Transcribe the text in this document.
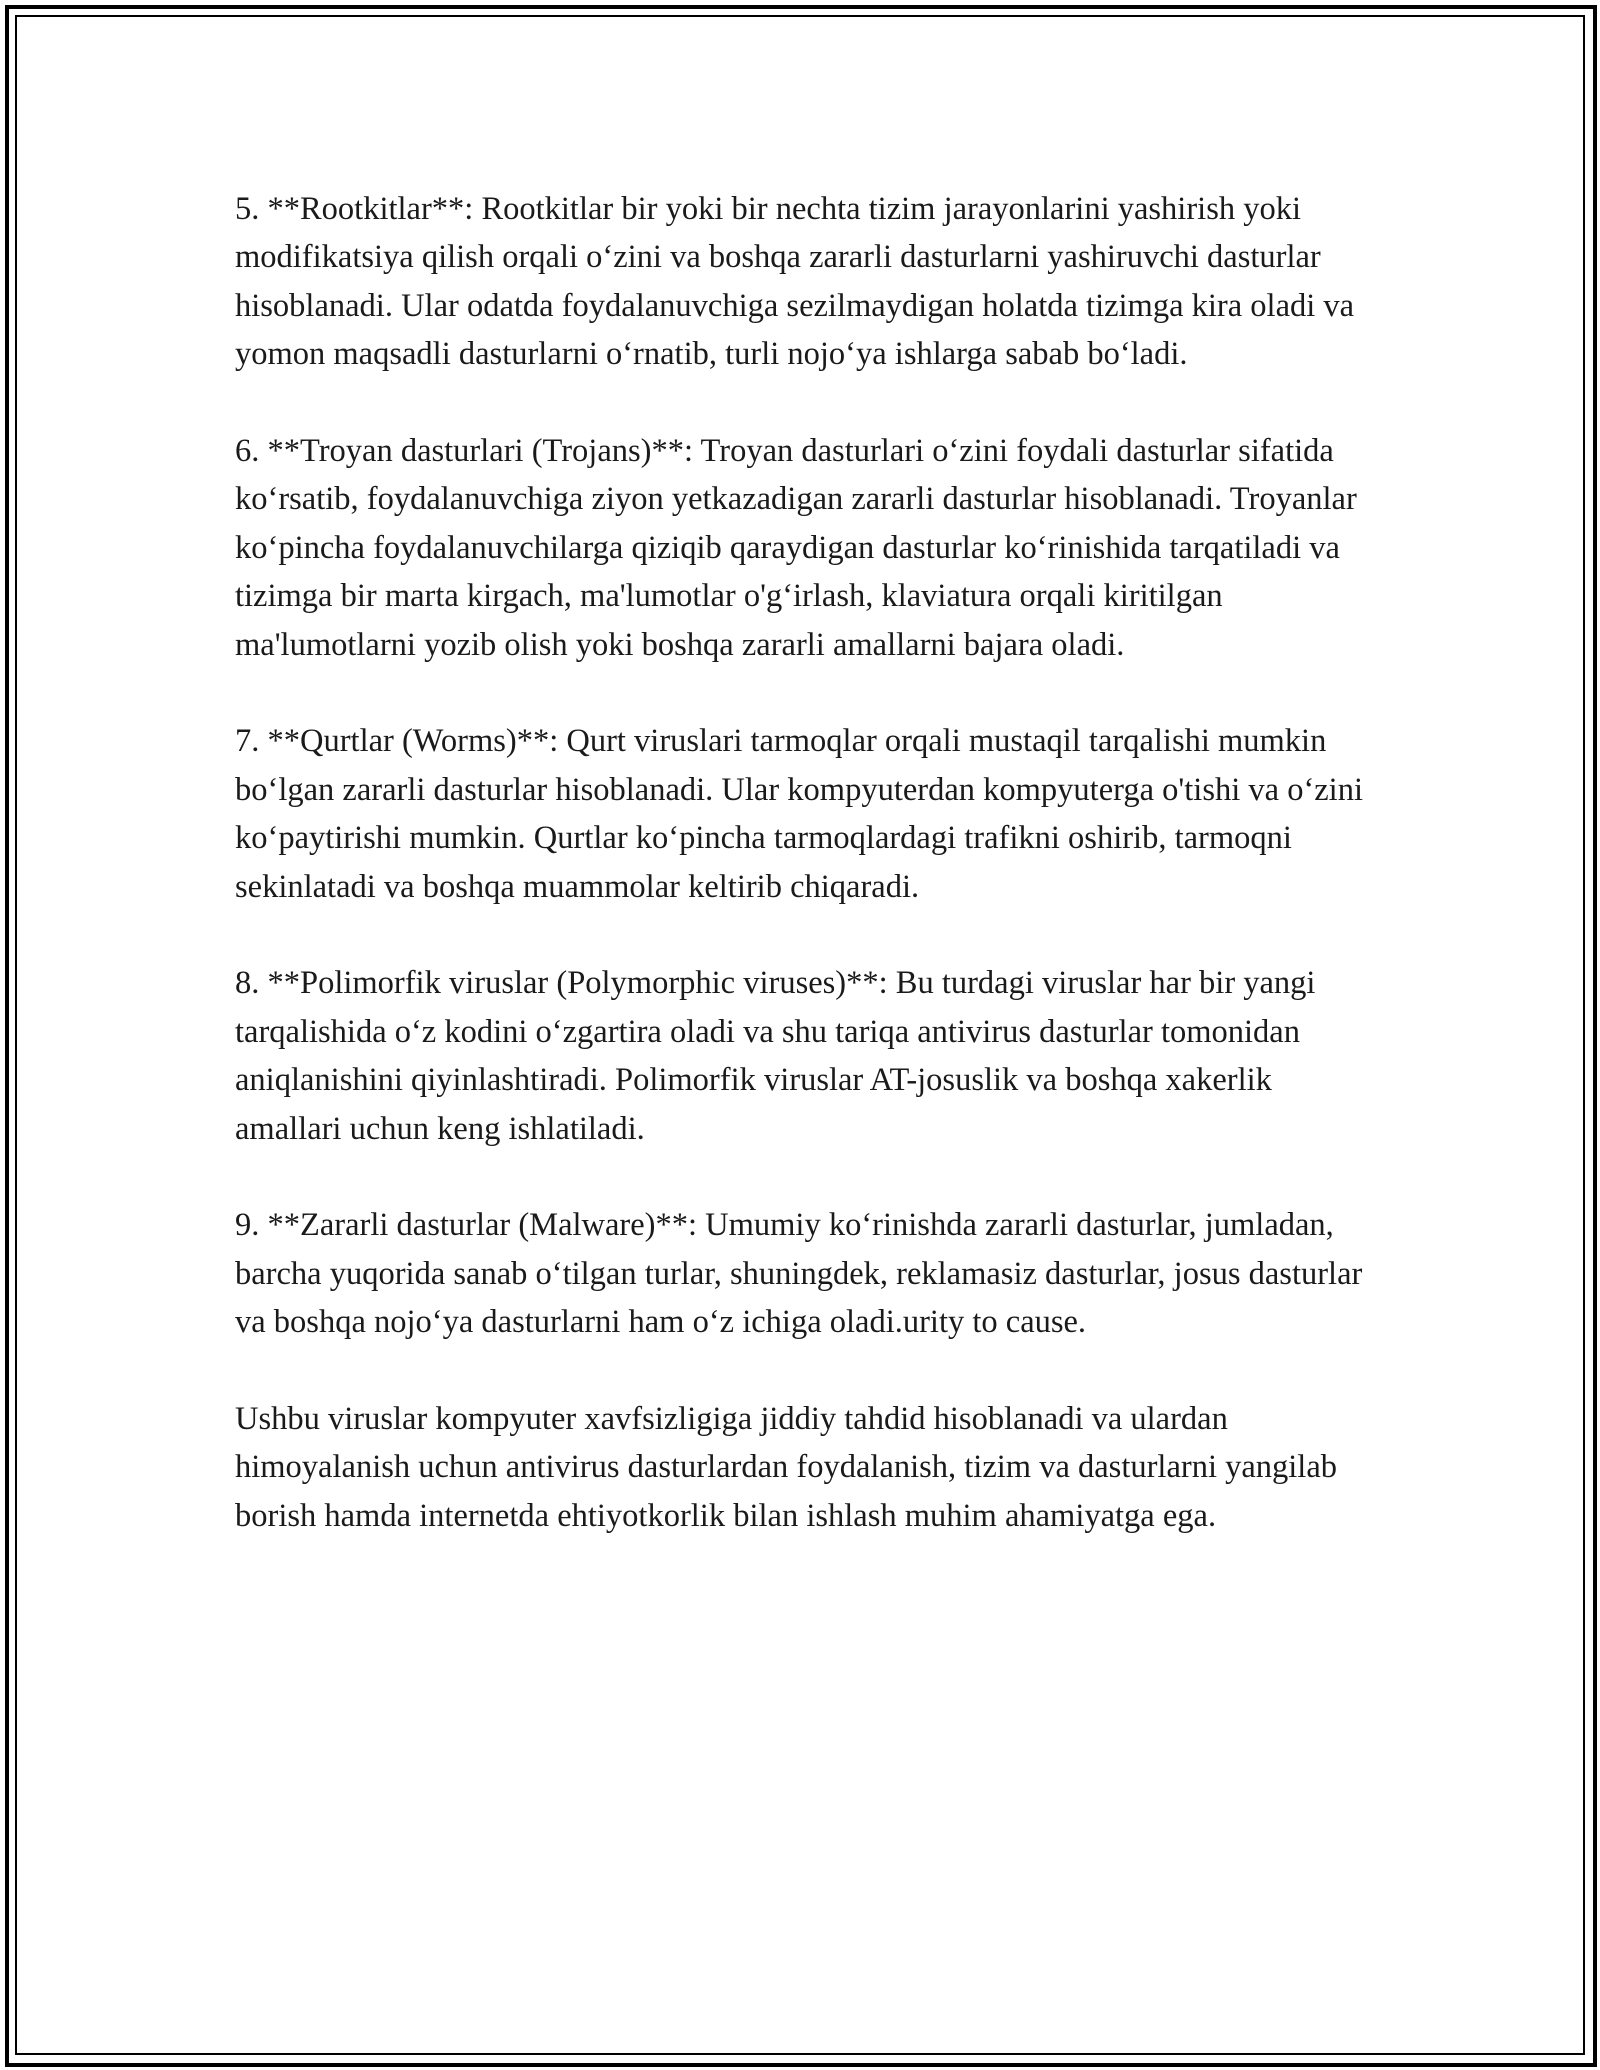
5. **Rootkitlar**: Rootkitlar bir yoki bir nechta tizim jarayonlarini yashirish yoki modifikatsiya qilish orqali oʻzini va boshqa zararli dasturlarni yashiruvchi dasturlar hisoblanadi. Ular odatda foydalanuvchiga sezilmaydigan holatda tizimga kira oladi va yomon maqsadli dasturlarni oʻrnatib, turli nojoʻya ishlarga sabab boʻladi.

6. **Troyan dasturlari (Trojans)**: Troyan dasturlari oʻzini foydali dasturlar sifatida koʻrsatib, foydalanuvchiga ziyon yetkazadigan zararli dasturlar hisoblanadi. Troyanlar koʻpincha foydalanuvchilarga qiziqib qaraydigan dasturlar koʻrinishida tarqatiladi va tizimga bir marta kirgach, ma'lumotlar o'gʻirlash, klaviatura orqali kiritilgan ma'lumotlarni yozib olish yoki boshqa zararli amallarni bajara oladi.

7. **Qurtlar (Worms)**: Qurt viruslari tarmoqlar orqali mustaqil tarqalishi mumkin boʻlgan zararli dasturlar hisoblanadi. Ular kompyuterdan kompyuterga o'tishi va oʻzini koʻpaytirishi mumkin. Qurtlar koʻpincha tarmoqlardagi trafikni oshirib, tarmoqni sekinlatadi va boshqa muammolar keltirib chiqaradi.

8. **Polimorfik viruslar (Polymorphic viruses)**: Bu turdagi viruslar har bir yangi tarqalishida oʻz kodini oʻzgartira oladi va shu tariqa antivirus dasturlar tomonidan aniqlanishini qiyinlashtiradi. Polimorfik viruslar AT-josuslik va boshqa xakerlik amallari uchun keng ishlatiladi.

9. **Zararli dasturlar (Malware)**: Umumiy koʻrinishda zararli dasturlar, jumladan, barcha yuqorida sanab oʻtilgan turlar, shuningdek, reklamasiz dasturlar, josus dasturlar va boshqa nojoʻya dasturlarni ham oʻz ichiga oladi.urity to cause.

Ushbu viruslar kompyuter xavfsizligiga jiddiy tahdid hisoblanadi va ulardan himoyalanish uchun antivirus dasturlardan foydalanish, tizim va dasturlarni yangilab borish hamda internetda ehtiyotkorlik bilan ishlash muhim ahamiyatga ega.
